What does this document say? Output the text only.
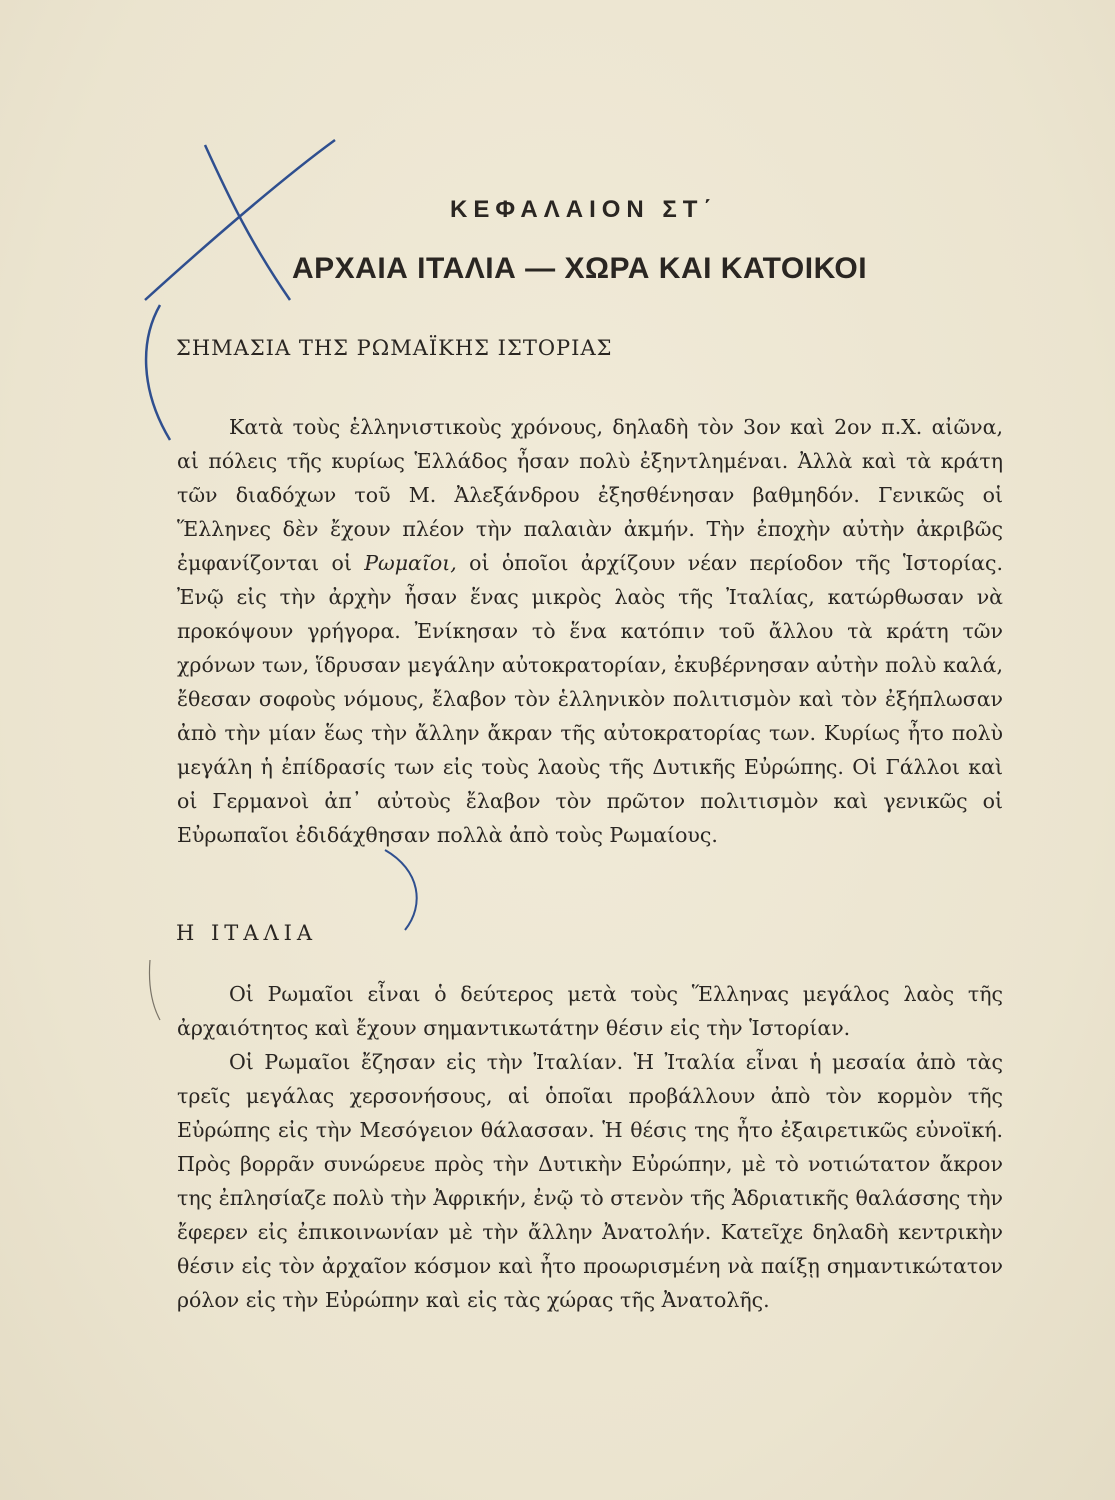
ΚΕΦΑΛΑΙΟΝ ΣΤ΄
ΑΡΧΑΙΑ ΙΤΑΛΙΑ — ΧΩΡΑ ΚΑΙ ΚΑΤΟΙΚΟΙ
ΣΗΜΑΣΙΑ ΤΗΣ ΡΩΜΑΪΚΗΣ ΙΣΤΟΡΙΑΣ

Κατὰ τοὺς ἑλληνιστικοὺς χρόνους, δηλαδὴ τὸν 3ον καὶ 2ον π.Χ. αἰῶνα, αἱ πόλεις τῆς κυρίως Ἑλλάδος ἦσαν πολὺ ἐξηντλημέναι. Ἀλλὰ καὶ τὰ κράτη τῶν διαδόχων τοῦ Μ. Ἀλεξάνδρου ἐξησθένησαν βαθμηδόν. Γενικῶς οἱ Ἕλληνες δὲν ἔχουν πλέον τὴν παλαιὰν ἀκμήν. Τὴν ἐποχὴν αὐτὴν ἀκριβῶς ἐμφανίζονται οἱ Ρωμαῖοι, οἱ ὁποῖοι ἀρχίζουν νέαν περίοδον τῆς Ἱστορίας. Ἐνῷ εἰς τὴν ἀρχὴν ἦσαν ἕνας μικρὸς λαὸς τῆς Ἰταλίας, κατώρθωσαν νὰ προκόψουν γρήγορα. Ἐνίκησαν τὸ ἕνα κατόπιν τοῦ ἄλλου τὰ κράτη τῶν χρόνων των, ἵδρυσαν μεγάλην αὐτοκρατορίαν, ἐκυβέρνησαν αὐτὴν πολὺ καλά, ἔθεσαν σοφοὺς νόμους, ἔλαβον τὸν ἑλληνικὸν πολιτισμὸν καὶ τὸν ἐξήπλωσαν ἀπὸ τὴν μίαν ἕως τὴν ἄλλην ἄκραν τῆς αὐτοκρατορίας των. Κυρίως ἦτο πολὺ μεγάλη ἡ ἐπίδρασίς των εἰς τοὺς λαοὺς τῆς Δυτικῆς Εὐρώπης. Οἱ Γάλλοι καὶ οἱ Γερμανοὶ ἀπ᾽ αὐτοὺς ἔλαβον τὸν πρῶτον πολιτισμὸν καὶ γενικῶς οἱ Εὐρωπαῖοι ἐδιδάχθησαν πολλὰ ἀπὸ τοὺς Ρωμαίους.

Η ΙΤΑΛΙΑ

Οἱ Ρωμαῖοι εἶναι ὁ δεύτερος μετὰ τοὺς Ἕλληνας μεγάλος λαὸς τῆς ἀρχαιότητος καὶ ἔχουν σημαντικωτάτην θέσιν εἰς τὴν Ἱστορίαν.

Οἱ Ρωμαῖοι ἔζησαν εἰς τὴν Ἰταλίαν. Ἡ Ἰταλία εἶναι ἡ μεσαία ἀπὸ τὰς τρεῖς μεγάλας χερσονήσους, αἱ ὁποῖαι προβάλλουν ἀπὸ τὸν κορμὸν τῆς Εὐρώπης εἰς τὴν Μεσόγειον θάλασσαν. Ἡ θέσις της ἦτο ἐξαιρετικῶς εὐνοϊκή. Πρὸς βορρᾶν συνώρευε πρὸς τὴν Δυτικὴν Εὐρώπην, μὲ τὸ νοτιώτατον ἄκρον της ἐπλησίαζε πολὺ τὴν Ἀφρικήν, ἐνῷ τὸ στενὸν τῆς Ἀδριατικῆς θαλάσσης τὴν ἔφερεν εἰς ἐπικοινωνίαν μὲ τὴν ἄλλην Ἀνατολήν. Κατεῖχε δηλαδὴ κεντρικὴν θέσιν εἰς τὸν ἀρχαῖον κόσμον καὶ ἦτο προωρισμένη νὰ παίξῃ σημαντικώτατον ρόλον εἰς τὴν Εὐρώπην καὶ εἰς τὰς χώρας τῆς Ἀνατολῆς.
